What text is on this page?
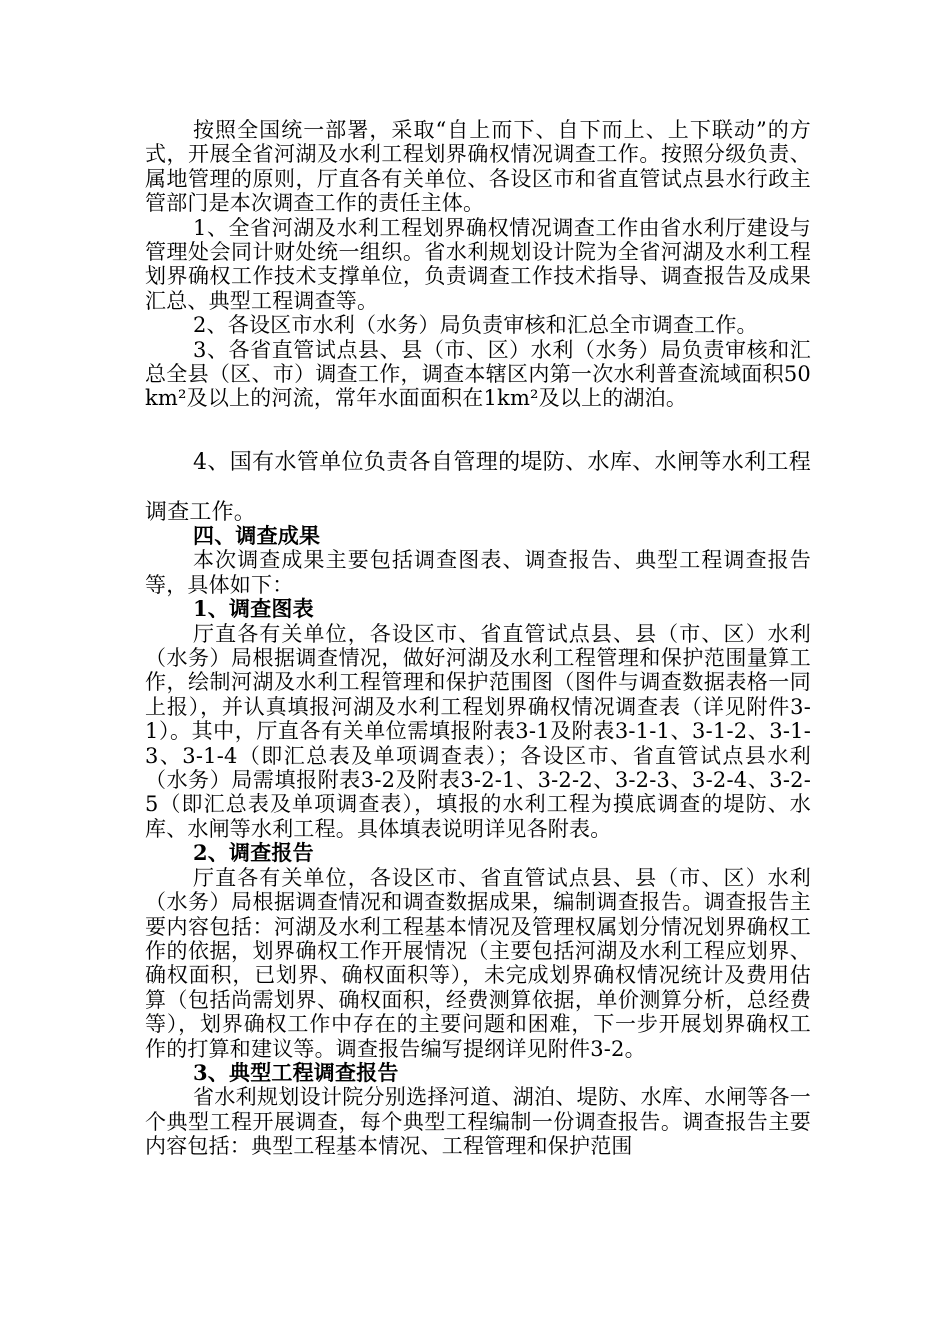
按照全国统一部署，采取“自上而下、自下而上、上下联动”的方式，开展全省河湖及水利工程划界确权情况调查工作。按照分级负责、属地管理的原则，厅直各有关单位、各设区市和省直管试点县水行政主管部门是本次调查工作的责任主体。

1、全省河湖及水利工程划界确权情况调查工作由省水利厅建设与管理处会同计财处统一组织。省水利规划设计院为全省河湖及水利工程划界确权工作技术支撑单位，负责调查工作技术指导、调查报告及成果汇总、典型工程调查等。

2、各设区市水利（水务）局负责审核和汇总全市调查工作。

3、各省直管试点县、县（市、区）水利（水务）局负责审核和汇总全县（区、市）调查工作，调查本辖区内第一次水利普查流域面积50km²及以上的河流，常年水面面积在1km²及以上的湖泊。

4、国有水管单位负责各自管理的堤防、水库、水闸等水利工程调查工作。

四、调查成果

本次调查成果主要包括调查图表、调查报告、典型工程调查报告等，具体如下：

1、调查图表

厅直各有关单位，各设区市、省直管试点县、县（市、区）水利（水务）局根据调查情况，做好河湖及水利工程管理和保护范围量算工作，绘制河湖及水利工程管理和保护范围图（图件与调查数据表格一同上报），并认真填报河湖及水利工程划界确权情况调查表（详见附件3-1）。其中，厅直各有关单位需填报附表3-1及附表3-1-1、3-1-2、3-1-3、3-1-4（即汇总表及单项调查表）；各设区市、省直管试点县水利（水务）局需填报附表3-2及附表3-2-1、3-2-2、3-2-3、3-2-4、3-2-5（即汇总表及单项调查表），填报的水利工程为摸底调查的堤防、水库、水闸等水利工程。具体填表说明详见各附表。

2、调查报告

厅直各有关单位，各设区市、省直管试点县、县（市、区）水利（水务）局根据调查情况和调查数据成果，编制调查报告。调查报告主要内容包括：河湖及水利工程基本情况及管理权属划分情况划界确权工作的依据，划界确权工作开展情况（主要包括河湖及水利工程应划界、确权面积，已划界、确权面积等），未完成划界确权情况统计及费用估算（包括尚需划界、确权面积，经费测算依据，单价测算分析，总经费等），划界确权工作中存在的主要问题和困难，下一步开展划界确权工作的打算和建议等。调查报告编写提纲详见附件3-2。

3、典型工程调查报告

省水利规划设计院分别选择河道、湖泊、堤防、水库、水闸等各一个典型工程开展调查，每个典型工程编制一份调查报告。调查报告主要内容包括：典型工程基本情况、工程管理和保护范围
